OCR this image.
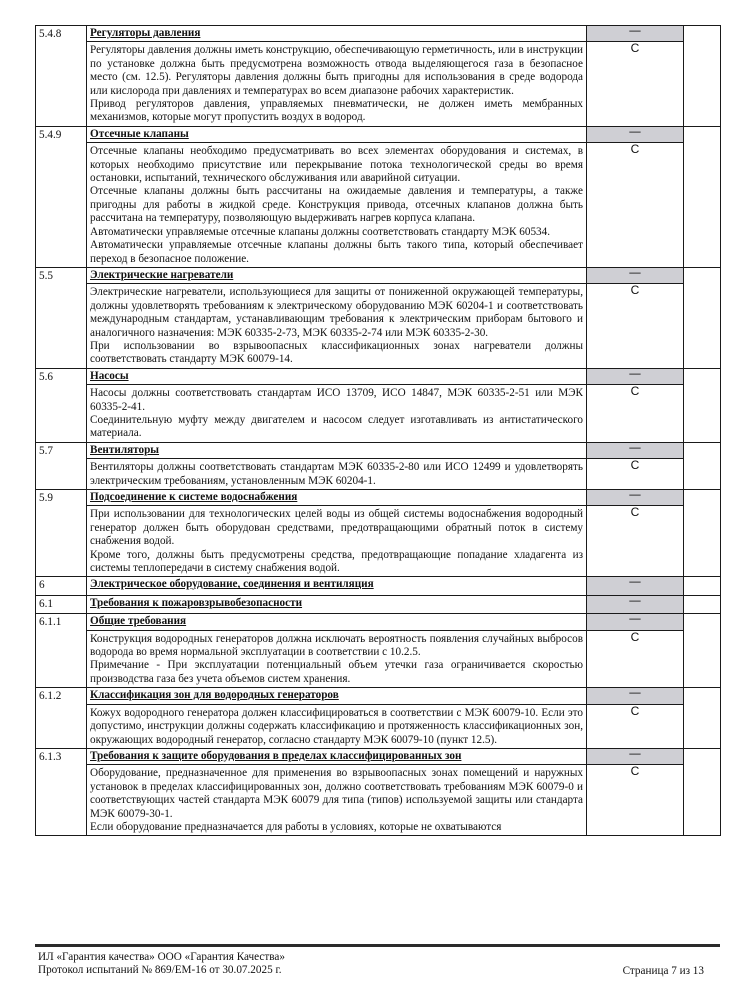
5.4.8	Регуляторы давления	—	

	Регуляторы давления должны иметь конструкцию, обеспечивающую герметичность, или в инструкции по установке должна быть предусмотрена возможность отвода выделяющегося газа в безопасное место (см. 12.5). Регуляторы давления должны быть пригодны для использования в среде водорода или кислорода при давлениях и температурах во всем диапазоне рабочих характеристик.
Привод регуляторов давления, управляемых пневматически, не должен иметь мембранных механизмов, которые могут пропустить воздух в водород.	С	
5.4.9	Отсечные клапаны	—	

	Отсечные клапаны необходимо предусматривать во всех элементах оборудования и системах, в которых необходимо присутствие или перекрывание потока технологической среды во время остановки, испытаний, технического обслуживания или аварийной ситуации.
Отсечные клапаны должны быть рассчитаны на ожидаемые давления и температуры, а также пригодны для работы в жидкой среде. Конструкция привода, отсечных клапанов должна быть рассчитана на температуру, позволяющую выдерживать нагрев корпуса клапана.
Автоматически управляемые отсечные клапаны должны соответствовать стандарту МЭК 60534.
Автоматически управляемые отсечные клапаны должны быть такого типа, который обеспечивает переход в безопасное положение.	С	
5.5	Электрические нагреватели	—	

	Электрические нагреватели, использующиеся для защиты от пониженной окружающей температуры, должны удовлетворять требованиям к электрическому оборудованию МЭК 60204-1 и соответствовать международным стандартам, устанавливающим требования к электрическим приборам бытового и аналогичного назначения: МЭК 60335-2-73, МЭК 60335-2-74 или МЭК 60335-2-30.
При использовании во взрывоопасных классификационных зонах нагреватели должны соответствовать стандарту МЭК 60079-14.	С	
5.6	Насосы	—	

	Насосы должны соответствовать стандартам ИСО 13709, ИСО 14847, МЭК 60335-2-51 или МЭК 60335-2-41.
Соединительную муфту между двигателем и насосом следует изготавливать из антистатического материала.	С	
5.7	Вентиляторы	—	

	Вентиляторы должны соответствовать стандартам МЭК 60335-2-80 или ИСО 12499 и удовлетворять электрическим требованиям, установленным МЭК 60204-1.	С	
5.9	Подсоединение к системе водоснабжения	—	

	При использовании для технологических целей воды из общей системы водоснабжения водородный генератор должен быть оборудован средствами, предотвращающими обратный поток в систему снабжения водой.
Кроме того, должны быть предусмотрены средства, предотвращающие попадание хладагента из системы теплопередачи в систему снабжения водой.	С	
6	Электрическое оборудование, соединения и вентиляция	—	
6.1	Требования к пожаровзрывобезопасности	—	
6.1.1	Общие требования	—	

	Конструкция водородных генераторов должна исключать вероятность появления случайных выбросов водорода во время нормальной эксплуатации в соответствии с 10.2.5.
Примечание - При эксплуатации потенциальный объем утечки газа ограничивается скоростью производства газа без учета объемов систем хранения.	С	
6.1.2	Классификация зон для водородных генераторов	—	

	Кожух водородного генератора должен классифицироваться в соответствии с МЭК 60079-10. Если это допустимо, инструкции должны содержать классификацию и протяженность классификационных зон, окружающих водородный генератор, согласно стандарту МЭК 60079-10 (пункт 12.5).	С	
6.1.3	Требования к защите оборудования в пределах классифицированных зон	—	

	Оборудование, предназначенное для применения во взрывоопасных зонах помещений и наружных установок в пределах классифицированных зон, должно соответствовать требованиям МЭК 60079-0 и соответствующих частей стандарта МЭК 60079 для типа (типов) используемой защиты или стандарта МЭК 60079-30-1.
Если оборудование предназначается для работы в условиях, которые не охватываются	С	
ИЛ «Гарантия качества» ООО «Гарантия Качества»
Протокол испытаний № 869/ЕМ-16 от 30.07.2025 г.	Страница 7 из 13
